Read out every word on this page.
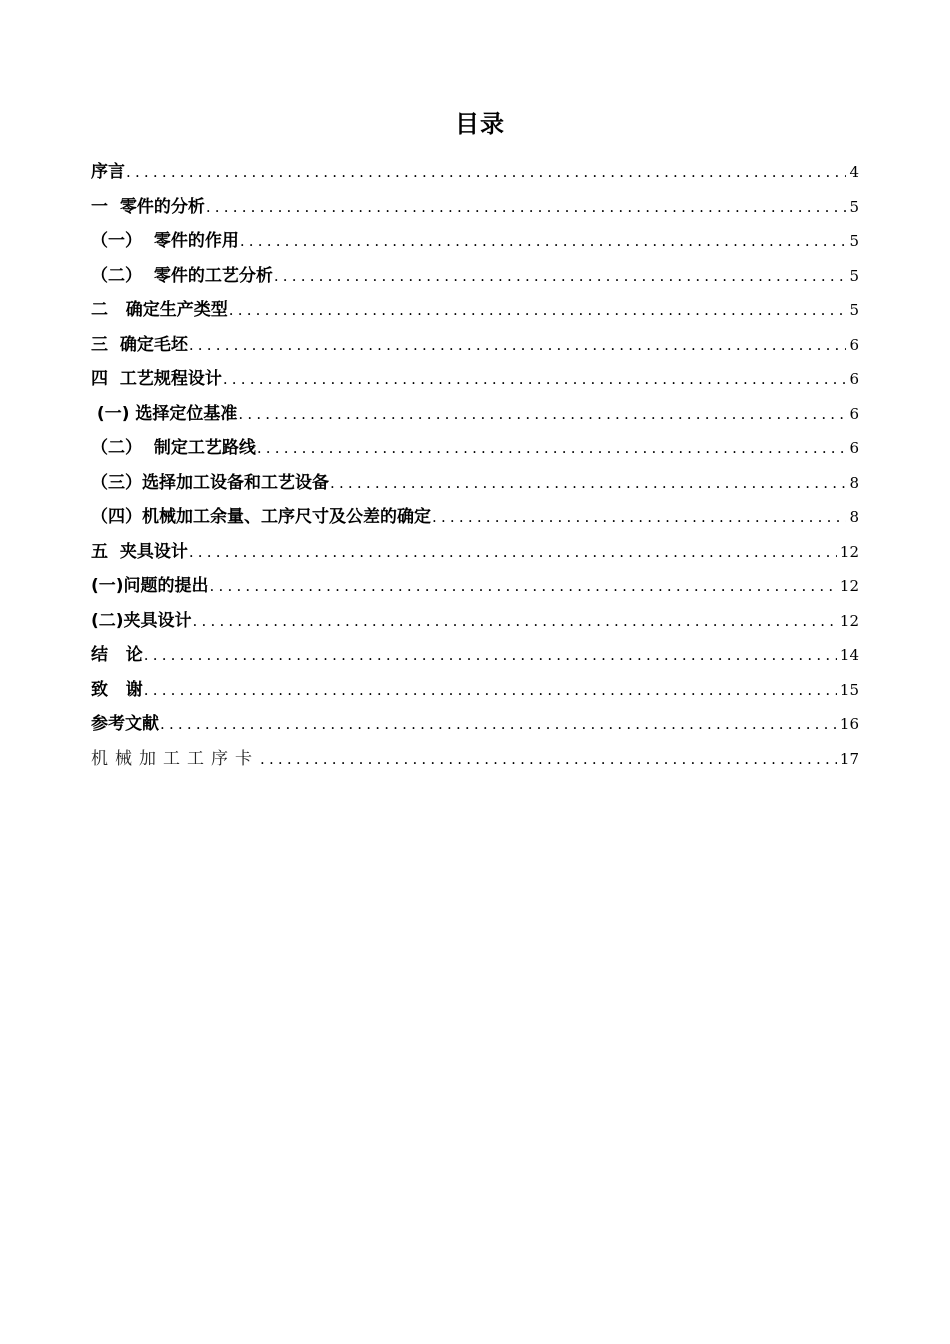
目录
序言 .....	4
一  零件的分析 .....	5
（一）  零件的作用 .....	5
（二）  零件的工艺分析 .....	5
二   确定生产类型 .....	5
三  确定毛坯 .....	6
四  工艺规程设计 .....	6
(一) 选择定位基准 .....	6
（二）  制定工艺路线 .....	6
（三）选择加工设备和工艺设备 .....	8
（四）机械加工余量、工序尺寸及公差的确定 .....	8
五  夹具设计 .....	12
(一)问题的提出 .....	12
(二)夹具设计 .....	12
结   论 .....	14
致   谢 .....	15
参考文献 .....	16
机械加工工序卡 .....	17
